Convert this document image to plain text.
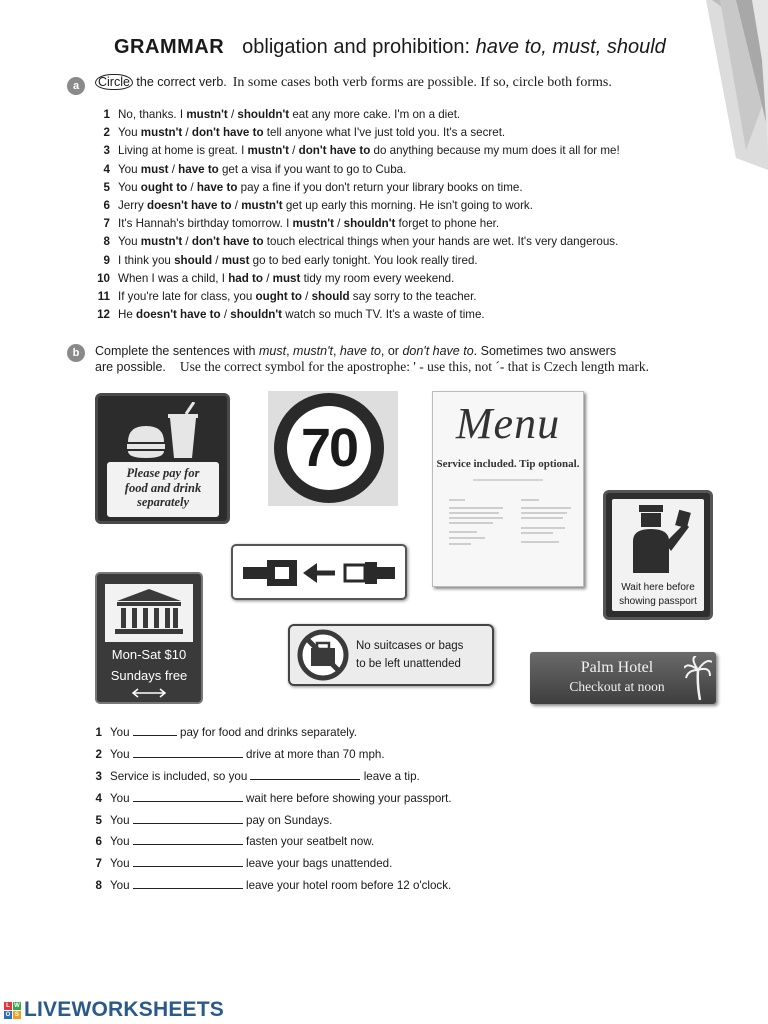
GRAMMAR obligation and prohibition: have to, must, should
a	Circle the correct verb. In some cases both verb forms are possible. If so, circle both forms.
1 No, thanks. I mustn't / shouldn't eat any more cake. I'm on a diet.
2 You mustn't / don't have to tell anyone what I've just told you. It's a secret.
3 Living at home is great. I mustn't / don't have to do anything because my mum does it all for me!
4 You must / have to get a visa if you want to go to Cuba.
5 You ought to / have to pay a fine if you don't return your library books on time.
6 Jerry doesn't have to / mustn't get up early this morning. He isn't going to work.
7 It's Hannah's birthday tomorrow. I mustn't / shouldn't forget to phone her.
8 You mustn't / don't have to touch electrical things when your hands are wet. It's very dangerous.
9 I think you should / must go to bed early tonight. You look really tired.
10 When I was a child, I had to / must tidy my room every weekend.
11 If you're late for class, you ought to / should say sorry to the teacher.
12 He doesn't have to / shouldn't watch so much TV. It's a waste of time.
b	Complete the sentences with must, mustn't, have to, or don't have to. Sometimes two answers
are possible. Use the correct symbol for the apostrophe: ' - use this, not ´- that is Czech length mark.
Please pay for
food and drink
separately
70	Menu
Service included. Tip optional.
Wait here before
showing passport
Mon-Sat $10
Sundays free
No suitcases or bags
to be left unattended	Palm Hotel
Checkout at noon
1 You	pay for food and drinks separately.
2 You	drive at more than 70 mph.
3 Service is included, so you	leave a tip.
4 You	wait here before showing your passport.
5 You	pay on Sundays.
6 You	fasten your seatbelt now.
7 You	leave your bags unattended.
8 You	leave your hotel room before 12 o'clock.
L W
O S LIVEWORKSHEETS
